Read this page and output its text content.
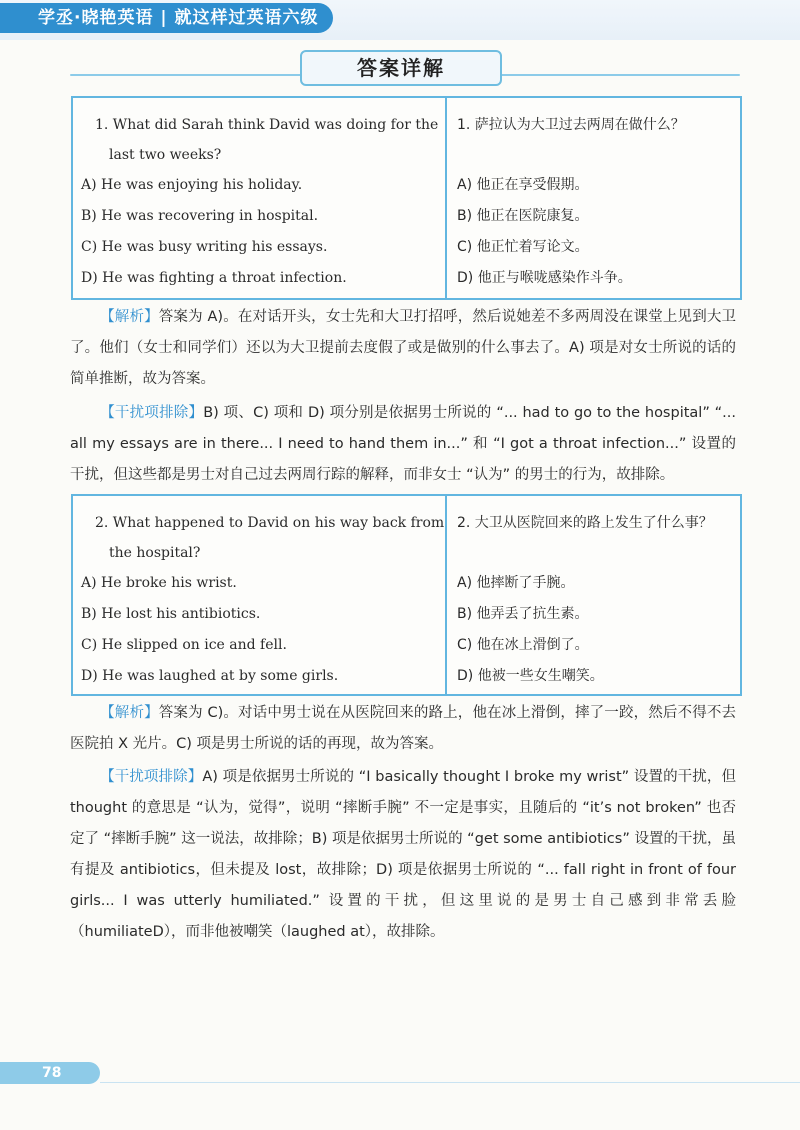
学丞·晓艳英语 | 就这样过英语六级
答案详解
1. What did Sarah think David was doing for the last two weeks?
A) He was enjoying his holiday.
B) He was recovering in hospital.
C) He was busy writing his essays.
D) He was fighting a throat infection.
1. 萨拉认为大卫过去两周在做什么？
A) 他正在享受假期。
B) 他正在医院康复。
C) 他正忙着写论文。
D) 他正与喉咙感染作斗争。
【解析】答案为 A)。在对话开头，女士先和大卫打招呼，然后说她差不多两周没在课堂上见到大卫了。他们（女士和同学们）还以为大卫提前去度假了或是做别的什么事去了。A) 项是对女士所说的话的简单推断，故为答案。
【干扰项排除】B) 项、C) 项和 D) 项分别是依据男士所说的 “... had to go to the hospital” “... all my essays are in there... I need to hand them in...” 和 “I got a throat infection...” 设置的干扰，但这些都是男士对自己过去两周行踪的解释，而非女士 “认为” 的男士的行为，故排除。
2. What happened to David on his way back from the hospital?
A) He broke his wrist.
B) He lost his antibiotics.
C) He slipped on ice and fell.
D) He was laughed at by some girls.
2. 大卫从医院回来的路上发生了什么事？
A) 他摔断了手腕。
B) 他弄丢了抗生素。
C) 他在冰上滑倒了。
D) 他被一些女生嘲笑。
【解析】答案为 C)。对话中男士说在从医院回来的路上，他在冰上滑倒，摔了一跤，然后不得不去医院拍 X 光片。C) 项是男士所说的话的再现，故为答案。
【干扰项排除】A) 项是依据男士所说的 “I basically thought I broke my wrist” 设置的干扰，但 thought 的意思是 “认为，觉得”，说明 “摔断手腕” 不一定是事实，且随后的 “it’s not broken” 也否定了 “摔断手腕” 这一说法，故排除；B) 项是依据男士所说的 “get some antibiotics” 设置的干扰，虽有提及 antibiotics，但未提及 lost，故排除；D) 项是依据男士所说的 “... fall right in front of four girls... I was utterly humiliated.” 设置的干扰，但这里说的是男士自己感到非常丢脸（humiliateD），而非他被嘲笑（laughed at），故排除。
78
